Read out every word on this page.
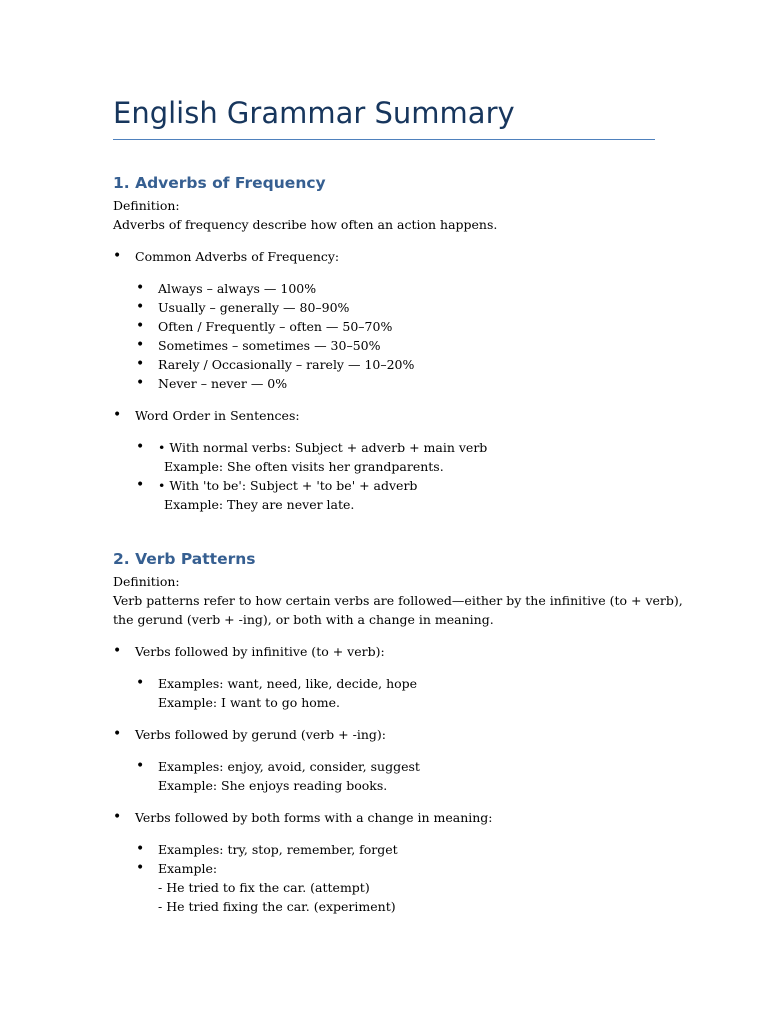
English Grammar Summary
1. Adverbs of Frequency

Definition:

Adverbs of frequency describe how often an action happens.

• Common Adverbs of Frequency:
• Always – always — 100%
• Usually – generally — 80–90%
• Often / Frequently – often — 50–70%
• Sometimes – sometimes — 30–50%
• Rarely / Occasionally – rarely — 10–20%
• Never – never — 0%
• Word Order in Sentences:
• • With normal verbs: Subject + adverb + main verb
Example: She often visits her grandparents.
• • With 'to be': Subject + 'to be' + adverb
Example: They are never late.
2. Verb Patterns

Definition:

Verb patterns refer to how certain verbs are followed—either by the infinitive (to + verb),

the gerund (verb + -ing), or both with a change in meaning.

• Verbs followed by infinitive (to + verb):
• Examples: want, need, like, decide, hope
Example: I want to go home.
• Verbs followed by gerund (verb + -ing):
• Examples: enjoy, avoid, consider, suggest
Example: She enjoys reading books.
• Verbs followed by both forms with a change in meaning:
• Examples: try, stop, remember, forget
• Example:
- He tried to fix the car. (attempt)
- He tried fixing the car. (experiment)
